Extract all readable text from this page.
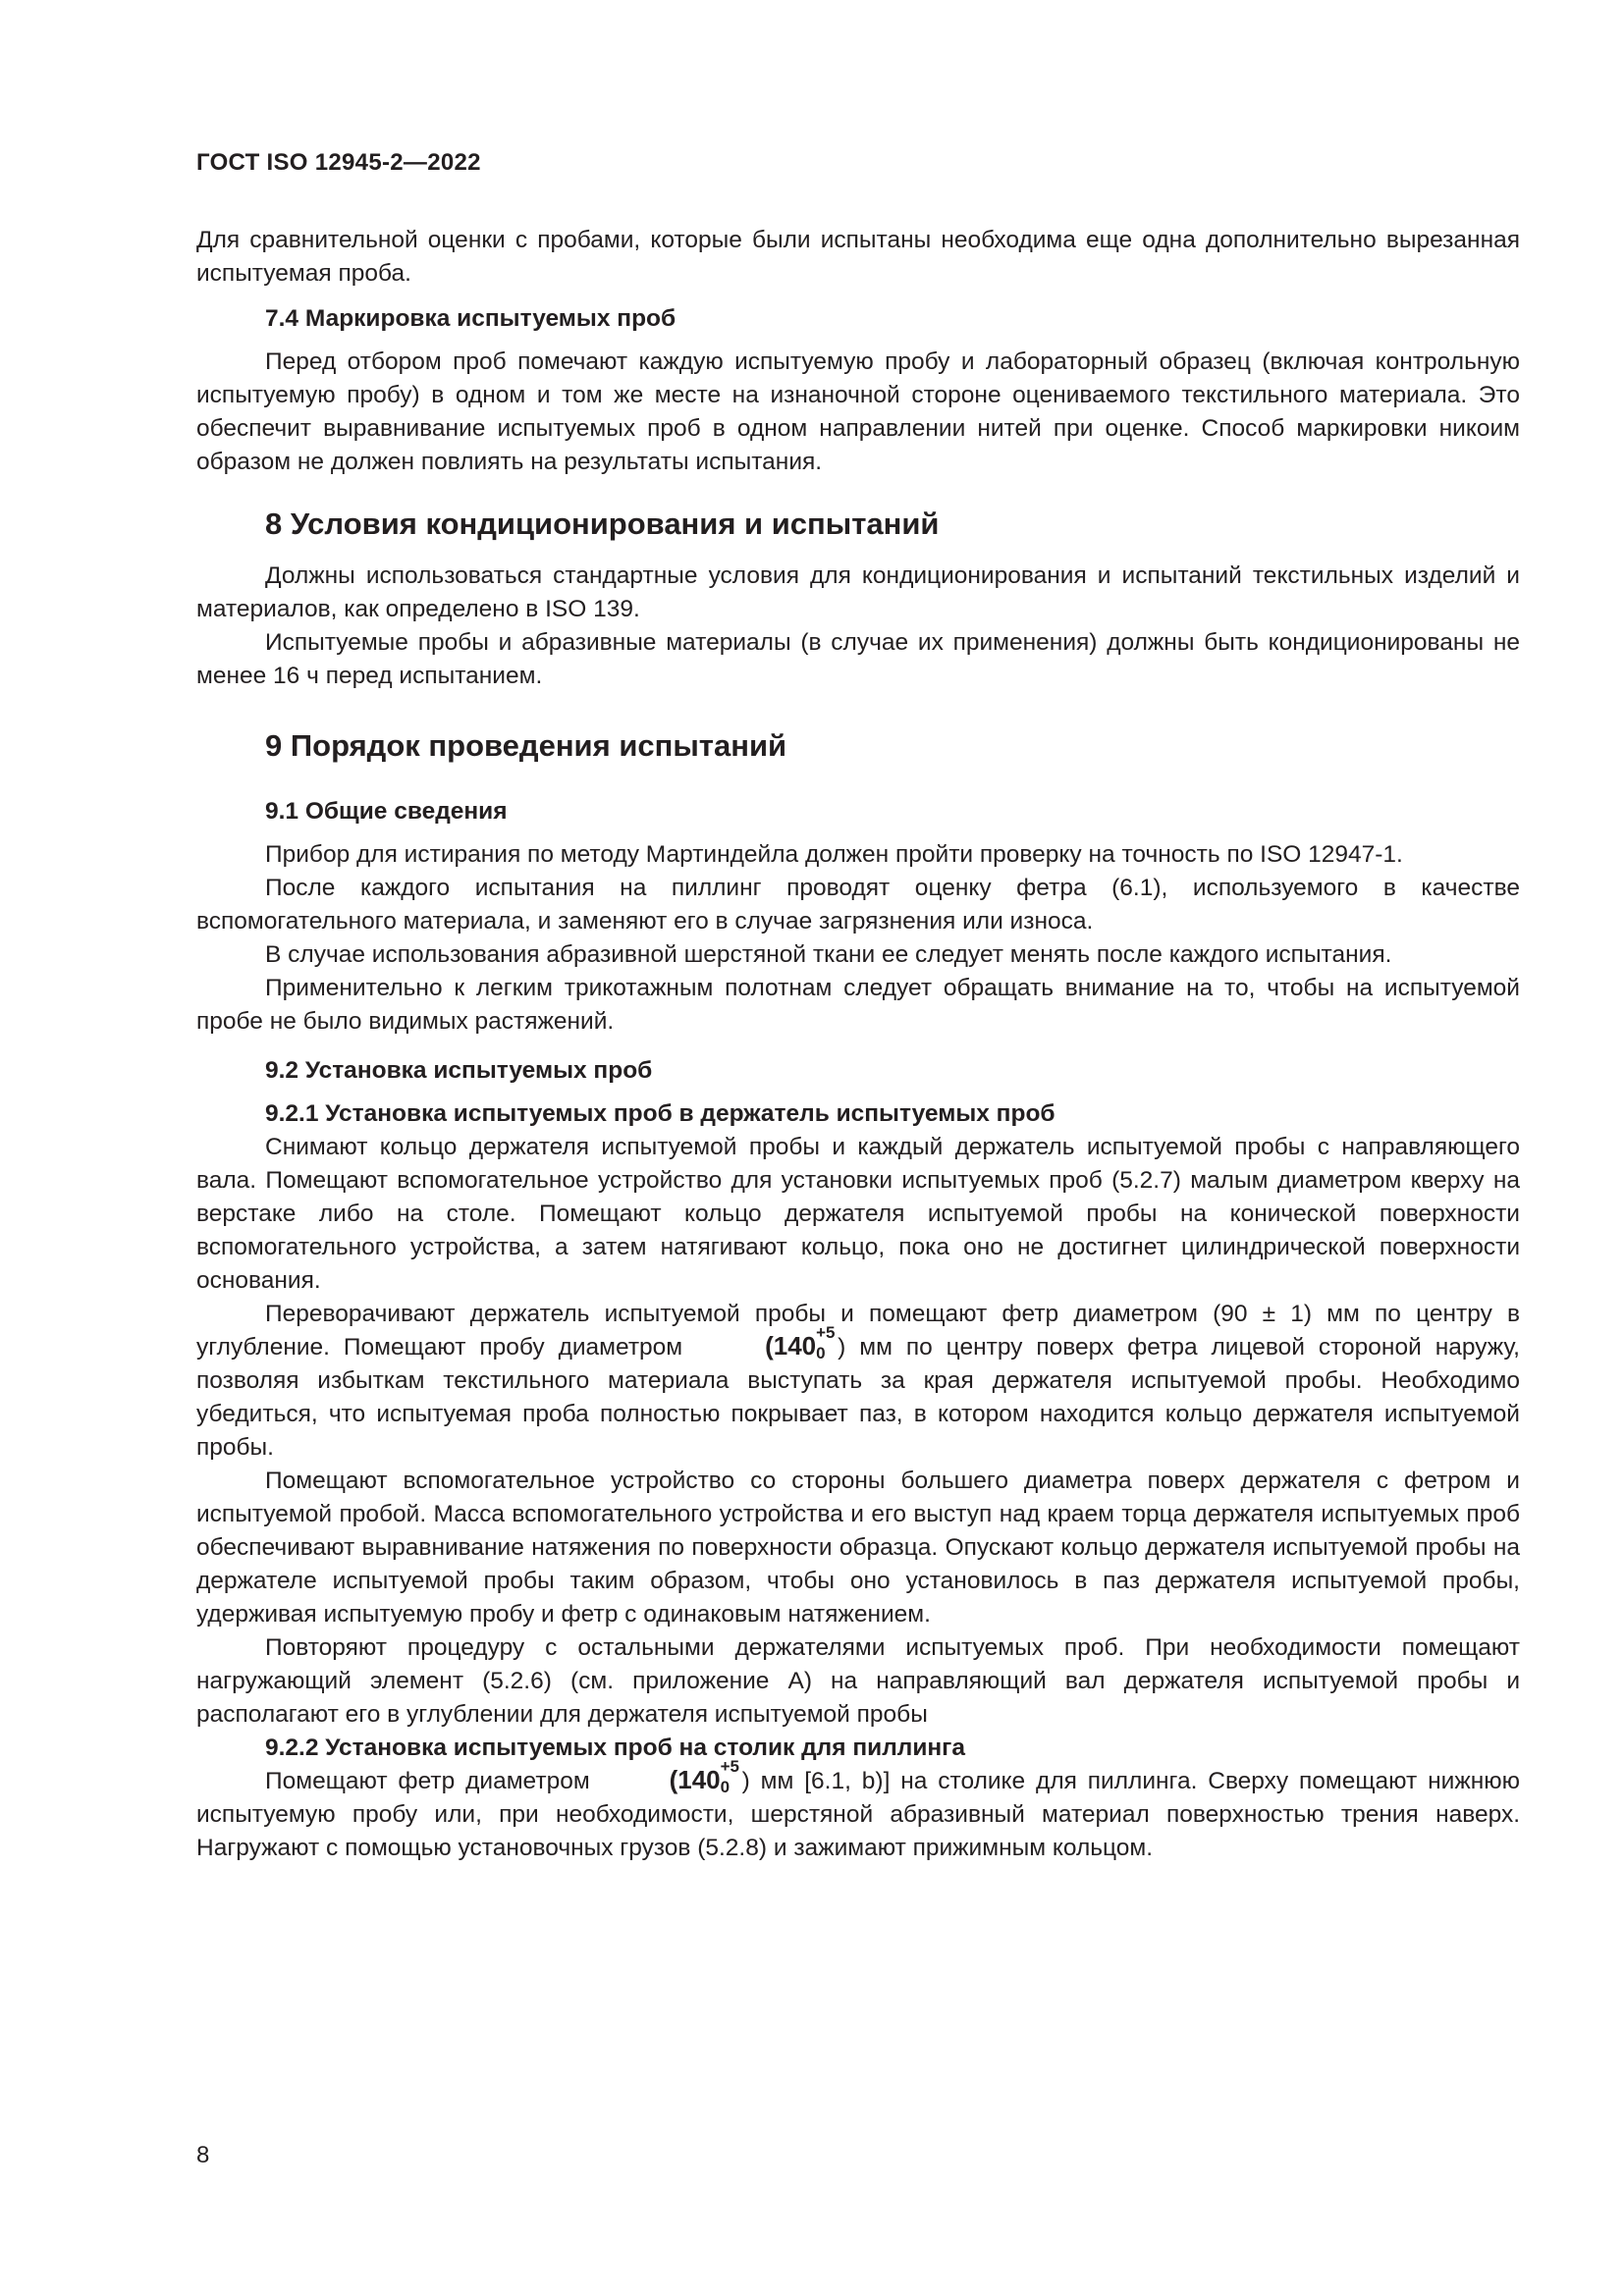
ГОСТ ISO 12945-2—2022

Для сравнительной оценки с пробами, которые были испытаны необходима еще одна дополнительно вырезанная испытуемая проба.

7.4 Маркировка испытуемых проб

Перед отбором проб помечают каждую испытуемую пробу и лабораторный образец (включая контрольную испытуемую пробу) в одном и том же месте на изнаночной стороне оцениваемого текстильного материала. Это обеспечит выравнивание испытуемых проб в одном направлении нитей при оценке. Способ маркировки никоим образом не должен повлиять на результаты испытания.

8 Условия кондиционирования и испытаний

Должны использоваться стандартные условия для кондиционирования и испытаний текстильных изделий и материалов, как определено в ISO 139.

Испытуемые пробы и абразивные материалы (в случае их применения) должны быть кондиционированы не менее 16 ч перед испытанием.

9 Порядок проведения испытаний
9.1 Общие сведения

Прибор для истирания по методу Мартиндейла должен пройти проверку на точность по ISO 12947-1.

После каждого испытания на пиллинг проводят оценку фетра (6.1), используемого в качестве вспомогательного материала, и заменяют его в случае загрязнения или износа.

В случае использования абразивной шерстяной ткани ее следует менять после каждого испытания.

Применительно к легким трикотажным полотнам следует обращать внимание на то, чтобы на испытуемой пробе не было видимых растяжений.

9.2 Установка испытуемых проб
9.2.1 Установка испытуемых проб в держатель испытуемых проб

Снимают кольцо держателя испытуемой пробы и каждый держатель испытуемой пробы с направляющего вала. Помещают вспомогательное устройство для установки испытуемых проб (5.2.7) малым диаметром кверху на верстаке либо на столе. Помещают кольцо держателя испытуемой пробы на конической поверхности вспомогательного устройства, а затем натягивают кольцо, пока оно не достигнет цилиндрической поверхности основания.

Переворачивают держатель испытуемой пробы и помещают фетр диаметром (90 ± 1) мм по центру в углубление. Помещают пробу диаметром	(140 +5
0 ) мм по центру поверх фетра лицевой стороной наружу, позволяя избыткам текстильного материала выступать за края держателя испытуемой пробы. Необходимо убедиться, что испытуемая проба полностью покрывает паз, в котором находится кольцо держателя испытуемой пробы.

Помещают вспомогательное устройство со стороны большего диаметра поверх держателя с фетром и испытуемой пробой. Масса вспомогательного устройства и его выступ над краем торца держателя испытуемых проб обеспечивают выравнивание натяжения по поверхности образца. Опускают кольцо держателя испытуемой пробы на держателе испытуемой пробы таким образом, чтобы оно установилось в паз держателя испытуемой пробы, удерживая испытуемую пробу и фетр с одинаковым натяжением.

Повторяют процедуру с остальными держателями испытуемых проб. При необходимости помещают нагружающий элемент (5.2.6) (см. приложение А) на направляющий вал держателя испытуемой пробы и располагают его в углублении для держателя испытуемой пробы

9.2.2 Установка испытуемых проб на столик для пиллинга

Помещают фетр диаметром	(140 +5
0 ) мм [6.1, b)] на столике для пиллинга. Сверху помещают нижнюю испытуемую пробу или, при необходимости, шерстяной абразивный материал поверхностью трения наверх. Нагружают с помощью установочных грузов (5.2.8) и зажимают прижимным кольцом.

8
